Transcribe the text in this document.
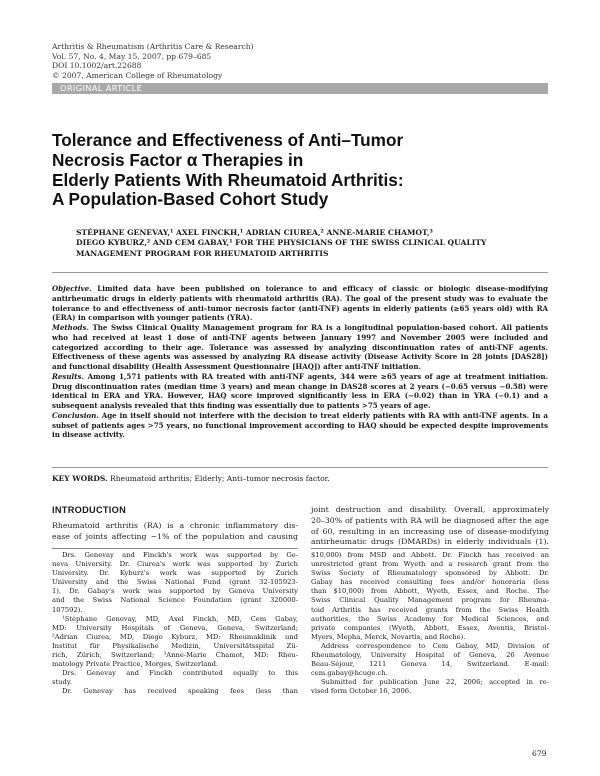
Arthritis & Rheumatism (Arthritis Care & Research)
Vol. 57, No. 4, May 15, 2007, pp 679–685
DOI 10.1002/art.22688
© 2007, American College of Rheumatology
ORIGINAL ARTICLE
Tolerance and Effectiveness of Anti–Tumor
Necrosis Factor α Therapies in
Elderly Patients With Rheumatoid Arthritis:
A Population-Based Cohort Study
STÉPHANE GENEVAY,¹ AXEL FINCKH,¹ ADRIAN CIUREA,² ANNE-MARIE CHAMOT,³
DIEGO KYBURZ,² AND CEM GABAY,¹ FOR THE PHYSICIANS OF THE SWISS CLINICAL QUALITY
MANAGEMENT PROGRAM FOR RHEUMATOID ARTHRITIS

Objective. Limited data have been published on tolerance to and efficacy of classic or biologic disease-modifying antirheumatic drugs in elderly patients with rheumatoid arthritis (RA). The goal of the present study was to evaluate the tolerance to and effectiveness of anti–tumor necrosis factor (anti-TNF) agents in elderly patients (≥65 years old) with RA (ERA) in comparison with younger patients (YRA).

Methods. The Swiss Clinical Quality Management program for RA is a longitudinal population-based cohort. All patients who had received at least 1 dose of anti-TNF agents between January 1997 and November 2005 were included and categorized according to their age. Tolerance was assessed by analyzing discontinuation rates of anti-TNF agents. Effectiveness of these agents was assessed by analyzing RA disease activity (Disease Activity Score in 28 joints [DAS28]) and functional disability (Health Assessment Questionnaire [HAQ]) after anti-TNF initiation.

Results. Among 1,571 patients with RA treated with anti-TNF agents, 344 were ≥65 years of age at treatment initiation. Drug discontinuation rates (median time 3 years) and mean change in DAS28 scores at 2 years (−0.65 versus −0.58) were identical in ERA and YRA. However, HAQ score improved significantly less in ERA (−0.02) than in YRA (−0.1) and a subsequent analysis revealed that this finding was essentially due to patients >75 years of age.

Conclusion. Age in itself should not interfere with the decision to treat elderly patients with RA with anti-TNF agents. In a subset of patients ages >75 years, no functional improvement according to HAQ should be expected despite improvements in disease activity.

KEY WORDS. Rheumatoid arthritis; Elderly; Anti–tumor necrosis factor.
INTRODUCTION
Rheumatoid arthritis (RA) is a chronic inflammatory dis-
ease of joints affecting ~1% of the population and causing
joint destruction and disability. Overall, approximately
20–30% of patients with RA will be diagnosed after the age
of 60, resulting in an increasing use of disease-modifying
antirheumatic drugs (DMARDs) in elderly individuals (1).
Drs. Genevay and Finckh's work was supported by Ge-
neva University. Dr. Ciurea's work was supported by Zurich
University. Dr. Kyburz's work was supported by Zurich
University and the Swiss National Fund (grant 32-105923-
1). Dr. Gabay's work was supported by Geneva University
and the Swiss National Science Foundation (grant 320000-
107592).
¹Stéphane Genevay, MD, Axel Finckh, MD, Cem Gabay,
MD: University Hospitals of Geneva, Geneva, Switzerland;
²Adrian Ciurea, MD, Diego Kyburz, MD: Rheumaklinik und
Institut für Physikalische Medizin, Universitätsspital Zü-
rich, Zürich, Switzerland; ³Anne-Marie Chamot, MD: Rheu-
matology Private Practice, Morges, Switzerland.
Drs. Genevay and Finckh contributed equally to this
study.
Dr. Genevay has received speaking fees (less than
$10,000) from MSD and Abbott. Dr. Finckh has received an
unrestricted grant from Wyeth and a research grant from the
Swiss Society of Rheumatology sponsored by Abbott. Dr.
Gabay has received consulting fees and/or honoraria (less
than $10,000) from Abbott, Wyeth, Essex, and Roche. The
Swiss Clinical Quality Management program for Rheuma-
toid Arthritis has received grants from the Swiss Health
authorities, the Swiss Academy for Medical Sciences, and
private companies (Wyeth, Abbott, Essex, Aventis, Bristol-
Myers, Mepha, Merck, Novartis, and Roche).
Address correspondence to Cem Gabay, MD, Division of
Rheumatology, University Hospital of Geneva, 26 Avenue
Beau-Séjour, 1211 Geneva 14, Switzerland. E-mail:
cem.gabay@hcuge.ch.
Submitted for publication June 22, 2006; accepted in re-
vised form October 16, 2006.
679
